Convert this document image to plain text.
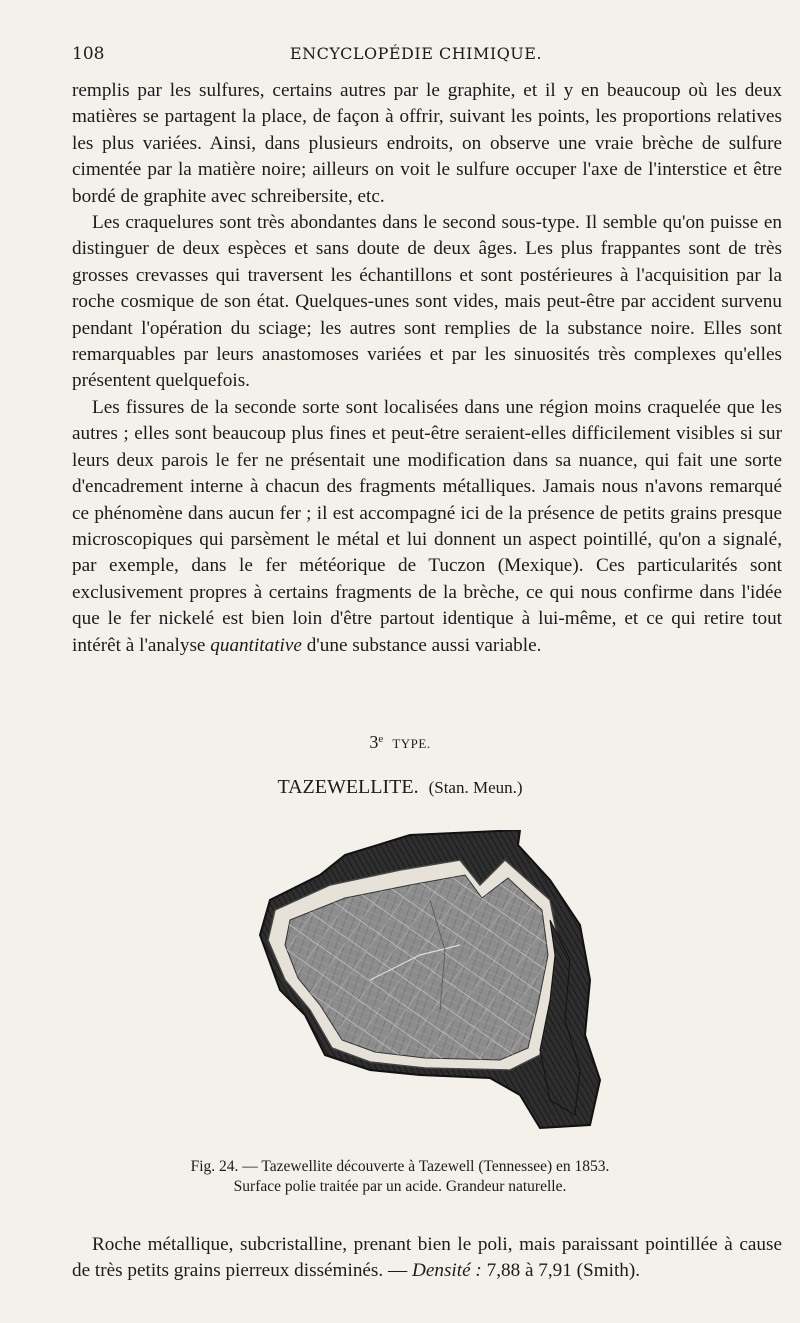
108	ENCYCLOPÉDIE CHIMIQUE.

remplis par les sulfures, certains autres par le graphite, et il y en beaucoup où les deux matières se partagent la place, de façon à offrir, suivant les points, les proportions relatives les plus variées. Ainsi, dans plusieurs endroits, on observe une vraie brèche de sulfure cimentée par la matière noire; ailleurs on voit le sulfure occuper l'axe de l'interstice et être bordé de graphite avec schreibersite, etc.

Les craquelures sont très abondantes dans le second sous-type. Il semble qu'on puisse en distinguer de deux espèces et sans doute de deux âges. Les plus frappantes sont de très grosses crevasses qui traversent les échantillons et sont postérieures à l'acquisition par la roche cosmique de son état. Quelques-unes sont vides, mais peut-être par accident survenu pendant l'opération du sciage; les autres sont remplies de la substance noire. Elles sont remarquables par leurs anastomoses variées et par les sinuosités très complexes qu'elles présentent quelquefois.

Les fissures de la seconde sorte sont localisées dans une région moins craquelée que les autres ; elles sont beaucoup plus fines et peut-être seraient-elles difficilement visibles si sur leurs deux parois le fer ne présentait une modification dans sa nuance, qui fait une sorte d'encadrement interne à chacun des fragments métalliques. Jamais nous n'avons remarqué ce phénomène dans aucun fer ; il est accompagné ici de la présence de petits grains presque microscopiques qui parsèment le métal et lui donnent un aspect pointillé, qu'on a signalé, par exemple, dans le fer météorique de Tuczon (Mexique). Ces particularités sont exclusivement propres à certains fragments de la brèche, ce qui nous confirme dans l'idée que le fer nickelé est bien loin d'être partout identique à lui-même, et ce qui retire tout intérêt à l'analyse quantitative d'une substance aussi variable.

3e TYPE.
TAZEWELLITE. (Stan. Meun.)
Fig. 24. — Tazewellite découverte à Tazewell (Tennessee) en 1853.
Surface polie traitée par un acide. Grandeur naturelle.

Roche métallique, subcristalline, prenant bien le poli, mais paraissant pointillée à cause de très petits grains pierreux disséminés. — Densité : 7,88 à 7,91 (Smith).
